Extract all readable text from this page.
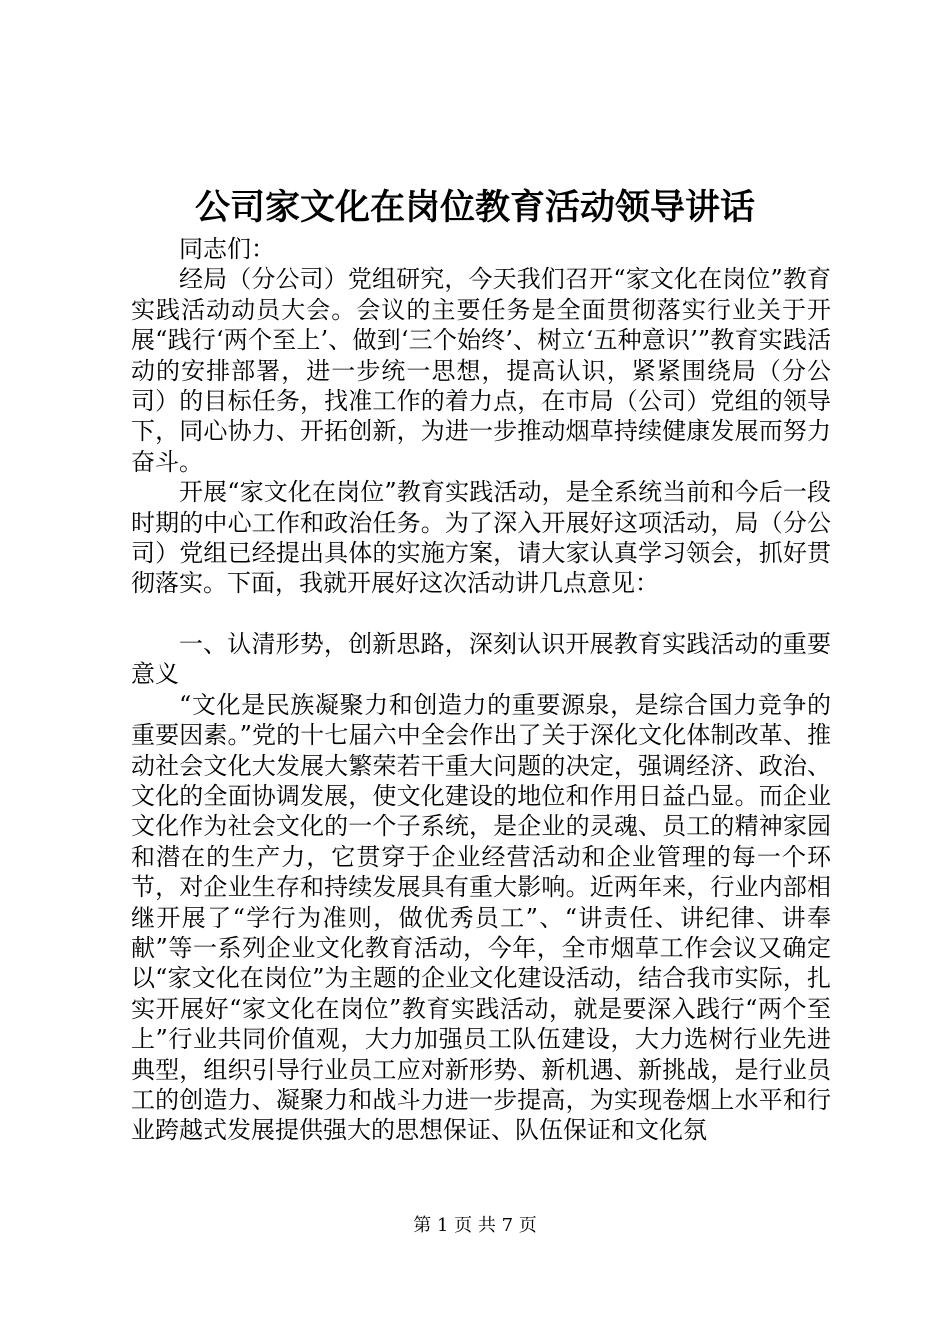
公司家文化在岗位教育活动领导讲话

同志们：

经局（分公司）党组研究，今天我们召开“家文化在岗位”教育实践活动动员大会。会议的主要任务是全面贯彻落实行业关于开展“践行‘两个至上’、做到‘三个始终’、树立‘五种意识’”教育实践活动的安排部署，进一步统一思想，提高认识，紧紧围绕局（分公司）的目标任务，找准工作的着力点，在市局（公司）党组的领导下，同心协力、开拓创新，为进一步推动烟草持续健康发展而努力奋斗。

开展“家文化在岗位”教育实践活动，是全系统当前和今后一段时期的中心工作和政治任务。为了深入开展好这项活动，局（分公司）党组已经提出具体的实施方案，请大家认真学习领会，抓好贯彻落实。下面，我就开展好这次活动讲几点意见：

一、认清形势，创新思路，深刻认识开展教育实践活动的重要意义

“文化是民族凝聚力和创造力的重要源泉，是综合国力竞争的重要因素。”党的十七届六中全会作出了关于深化文化体制改革、推动社会文化大发展大繁荣若干重大问题的决定，强调经济、政治、文化的全面协调发展，使文化建设的地位和作用日益凸显。而企业文化作为社会文化的一个子系统，是企业的灵魂、员工的精神家园和潜在的生产力，它贯穿于企业经营活动和企业管理的每一个环节，对企业生存和持续发展具有重大影响。近两年来，行业内部相继开展了“学行为准则，做优秀员工”、“讲责任、讲纪律、讲奉献”等一系列企业文化教育活动，今年，全市烟草工作会议又确定以“家文化在岗位”为主题的企业文化建设活动，结合我市实际，扎实开展好“家文化在岗位”教育实践活动，就是要深入践行“两个至上”行业共同价值观，大力加强员工队伍建设，大力选树行业先进典型，组织引导行业员工应对新形势、新机遇、新挑战，是行业员工的创造力、凝聚力和战斗力进一步提高，为实现卷烟上水平和行业跨越式发展提供强大的思想保证、队伍保证和文化氛

第 1 页 共 7 页
